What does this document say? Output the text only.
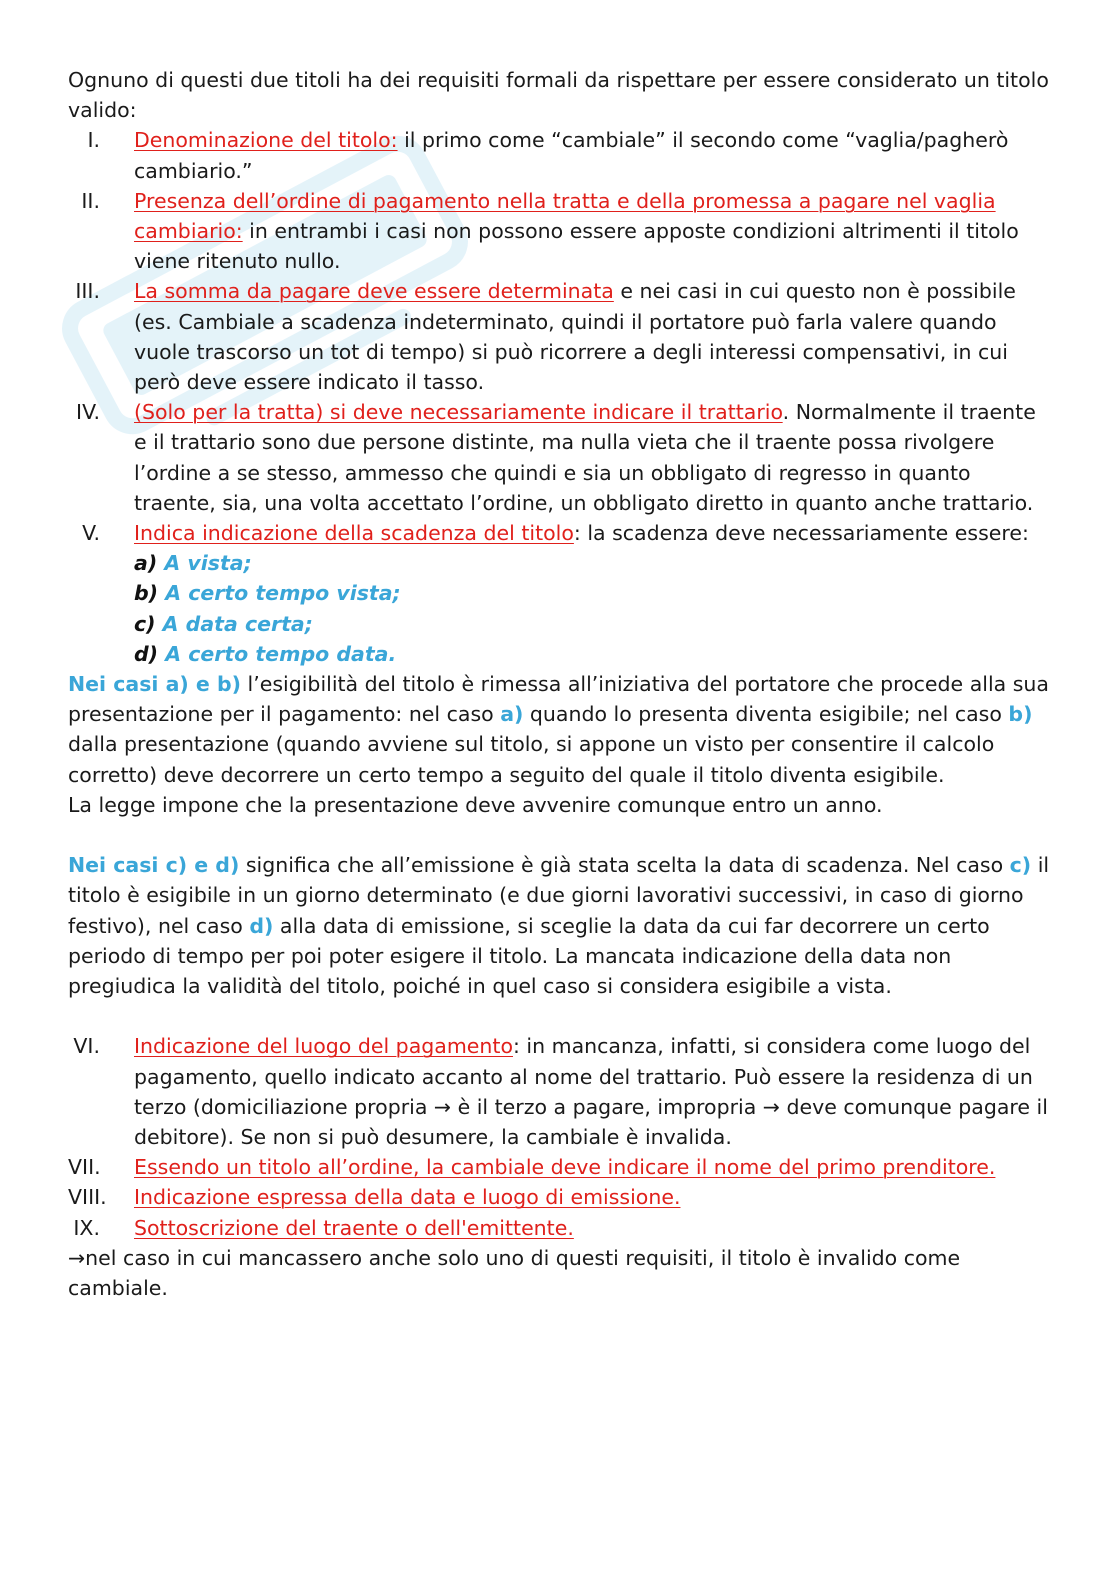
Ognuno di questi due titoli ha dei requisiti formali da rispettare per essere considerato un titolo valido:

I. Denominazione del titolo: il primo come “cambiale” il secondo come “vaglia/pagherò cambiario.”
II. Presenza dell’ordine di pagamento nella tratta e della promessa a pagare nel vaglia cambiario: in entrambi i casi non possono essere apposte condizioni altrimenti il titolo viene ritenuto nullo.
III. La somma da pagare deve essere determinata e nei casi in cui questo non è possibile (es. Cambiale a scadenza indeterminato, quindi il portatore può farla valere quando vuole trascorso un tot di tempo) si può ricorrere a degli interessi compensativi, in cui però deve essere indicato il tasso.
IV. (Solo per la tratta) si deve necessariamente indicare il trattario. Normalmente il traente e il trattario sono due persone distinte, ma nulla vieta che il traente possa rivolgere l’ordine a se stesso, ammesso che quindi e sia un obbligato di regresso in quanto traente, sia, una volta accettato l’ordine, un obbligato diretto in quanto anche trattario.
V. Indica indicazione della scadenza del titolo: la scadenza deve necessariamente essere:
a) A vista;
b) A certo tempo vista;
c) A data certa;
d) A certo tempo data.

Nei casi a) e b) l’esigibilità del titolo è rimessa all’iniziativa del portatore che procede alla sua presentazione per il pagamento: nel caso a) quando lo presenta diventa esigibile; nel caso b) dalla presentazione (quando avviene sul titolo, si appone un visto per consentire il calcolo corretto) deve decorrere un certo tempo a seguito del quale il titolo diventa esigibile.

La legge impone che la presentazione deve avvenire comunque entro un anno.

Nei casi c) e d) significa che all’emissione è già stata scelta la data di scadenza. Nel caso c) il titolo è esigibile in un giorno determinato (e due giorni lavorativi successivi, in caso di giorno festivo), nel caso d) alla data di emissione, si sceglie la data da cui far decorrere un certo periodo di tempo per poi poter esigere il titolo. La mancata indicazione della data non pregiudica la validità del titolo, poiché in quel caso si considera esigibile a vista.

VI. Indicazione del luogo del pagamento: in mancanza, infatti, si considera come luogo del pagamento, quello indicato accanto al nome del trattario. Può essere la residenza di un terzo (domiciliazione propria → è il terzo a pagare, impropria → deve comunque pagare il debitore). Se non si può desumere, la cambiale è invalida.
VII. Essendo un titolo all’ordine, la cambiale deve indicare il nome del primo prenditore.
VIII. Indicazione espressa della data e luogo di emissione.
IX. Sottoscrizione del traente o dell'emittente.

→nel caso in cui mancassero anche solo uno di questi requisiti, il titolo è invalido come cambiale.
